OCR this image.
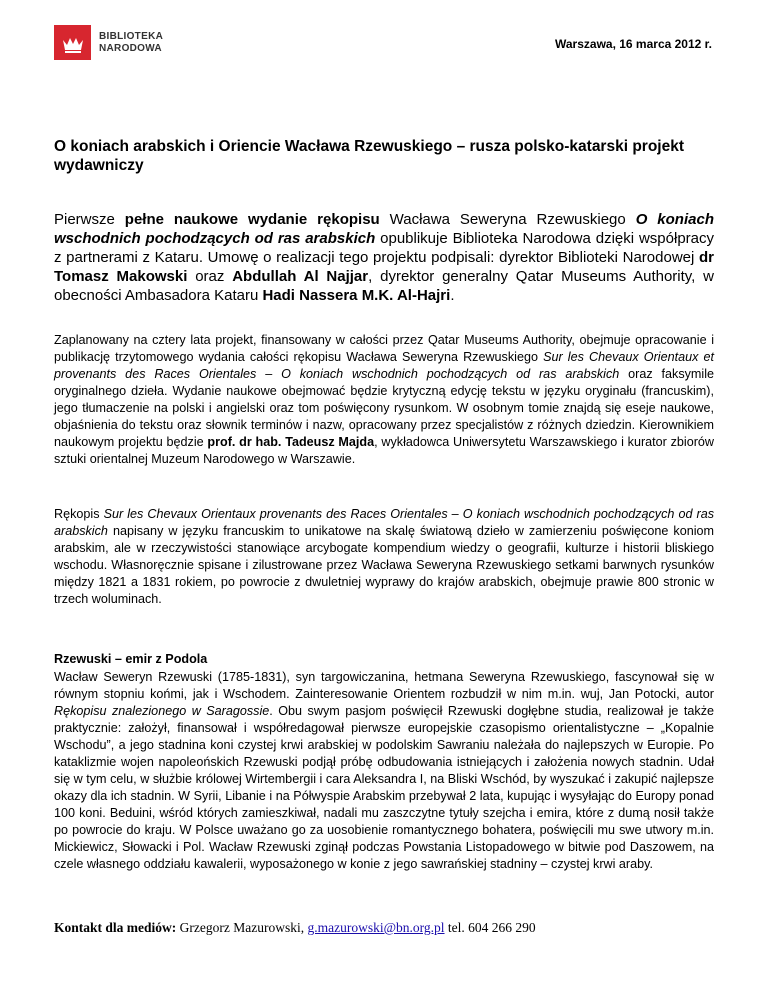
BIBLIOTEKA
NARODOWA	Warszawa, 16 marca 2012 r.
O koniach arabskich i Oriencie Wacława Rzewuskiego – rusza polsko-katarski projekt wydawniczy
Pierwsze pełne naukowe wydanie rękopisu Wacława Seweryna Rzewuskiego O koniach wschodnich pochodzących od ras arabskich opublikuje Biblioteka Narodowa dzięki współpracy z partnerami z Kataru. Umowę o realizacji tego projektu podpisali: dyrektor Biblioteki Narodowej dr Tomasz Makowski oraz Abdullah Al Najjar, dyrektor generalny Qatar Museums Authority, w obecności Ambasadora Kataru Hadi Nassera M.K. Al-Hajri.
Zaplanowany na cztery lata projekt, finansowany w całości przez Qatar Museums Authority, obejmuje opracowanie i publikację trzytomowego wydania całości rękopisu Wacława Seweryna Rzewuskiego Sur les Chevaux Orientaux et provenants des Races Orientales – O koniach wschodnich pochodzących od ras arabskich oraz faksymile oryginalnego dzieła. Wydanie naukowe obejmować będzie krytyczną edycję tekstu w języku oryginału (francuskim), jego tłumaczenie na polski i angielski oraz tom poświęcony rysunkom. W osobnym tomie znajdą się eseje naukowe, objaśnienia do tekstu oraz słownik terminów i nazw, opracowany przez specjalistów z różnych dziedzin. Kierownikiem naukowym projektu będzie prof. dr hab. Tadeusz Majda, wykładowca Uniwersytetu Warszawskiego i kurator zbiorów sztuki orientalnej Muzeum Narodowego w Warszawie.
Rękopis Sur les Chevaux Orientaux provenants des Races Orientales – O koniach wschodnich pochodzących od ras arabskich napisany w języku francuskim to unikatowe na skalę światową dzieło w zamierzeniu poświęcone koniom arabskim, ale w rzeczywistości stanowiące arcybogate kompendium wiedzy o geografii, kulturze i historii bliskiego wschodu. Własnoręcznie spisane i zilustrowane przez Wacława Seweryna Rzewuskiego setkami barwnych rysunków między 1821 a 1831 rokiem, po powrocie z dwuletniej wyprawy do krajów arabskich, obejmuje prawie 800 stronic w trzech woluminach.
Rzewuski – emir z Podola
Wacław Seweryn Rzewuski (1785-1831), syn targowiczanina, hetmana Seweryna Rzewuskiego, fascynował się w równym stopniu końmi, jak i Wschodem. Zainteresowanie Orientem rozbudził w nim m.in. wuj, Jan Potocki, autor Rękopisu znalezionego w Saragossie. Obu swym pasjom poświęcił Rzewuski dogłębne studia, realizował je także praktycznie: założył, finansował i współredagował pierwsze europejskie czasopismo orientalistyczne – „Kopalnie Wschodu”, a jego stadnina koni czystej krwi arabskiej w podolskim Sawraniu należała do najlepszych w Europie. Po kataklizmie wojen napoleońskich Rzewuski podjął próbę odbudowania istniejących i założenia nowych stadnin. Udał się w tym celu, w służbie królowej Wirtembergii i cara Aleksandra I, na Bliski Wschód, by wyszukać i zakupić najlepsze okazy dla ich stadnin. W Syrii, Libanie i na Półwyspie Arabskim przebywał 2 lata, kupując i wysyłając do Europy ponad 100 koni. Beduini, wśród których zamieszkiwał, nadali mu zaszczytne tytuły szejcha i emira, które z dumą nosił także po powrocie do kraju. W Polsce uważano go za uosobienie romantycznego bohatera, poświęcili mu swe utwory m.in. Mickiewicz, Słowacki i Pol. Wacław Rzewuski zginął podczas Powstania Listopadowego w bitwie pod Daszowem, na czele własnego oddziału kawalerii, wyposażonego w konie z jego sawrańskiej stadniny – czystej krwi araby.
Kontakt dla mediów: Grzegorz Mazurowski, g.mazurowski@bn.org.pl tel. 604 266 290
